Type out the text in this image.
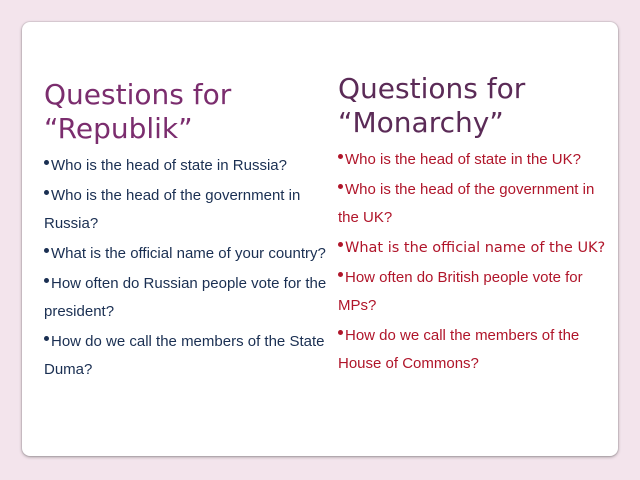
Questions for “Republik”
Who is the head of state in Russia?
Who is the head of the government in Russia?
What is the official name of your country?
How often do Russian people vote for the president?
How do we call the members of the State Duma?
Questions for “Monarchy”
Who is the head of state in the UK?
Who is the head of the government in the UK?
What is the official name of the UK?
How often do British people vote for MPs?
How do we call the members of the House of Commons?
